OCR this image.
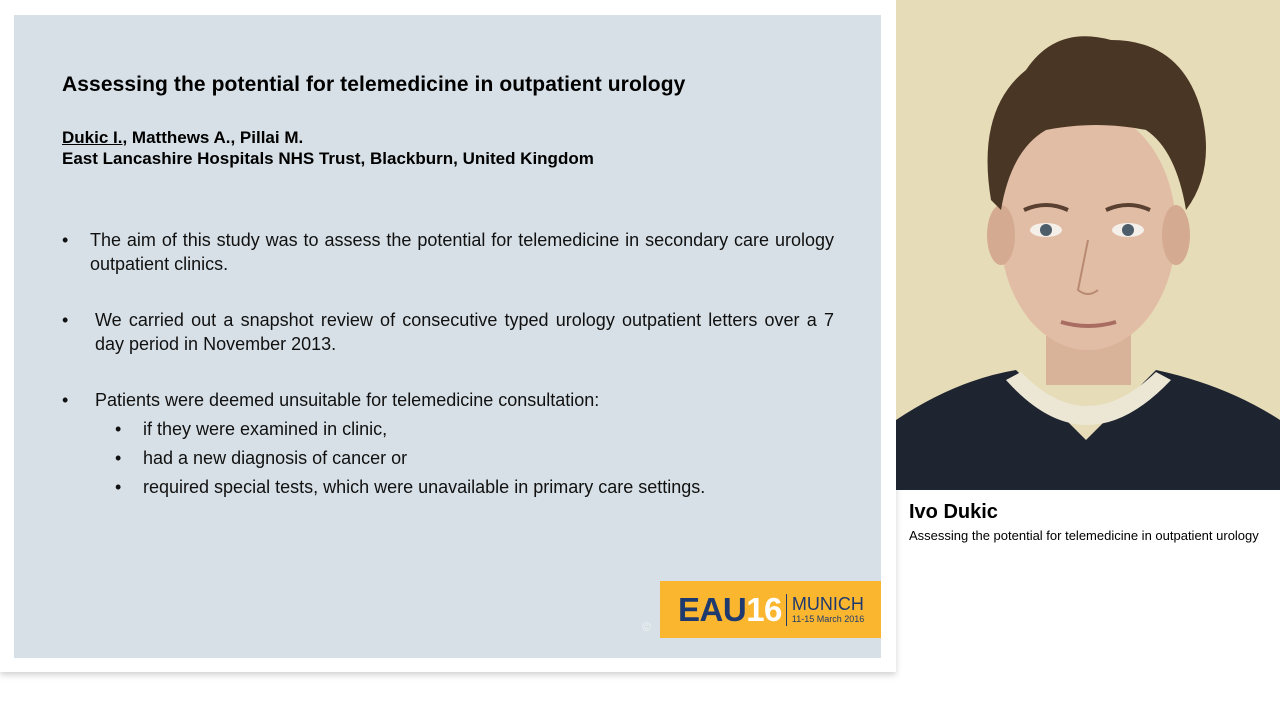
Assessing the potential for telemedicine in outpatient urology
Dukic I., Matthews A., Pillai M.
East Lancashire Hospitals NHS Trust, Blackburn, United Kingdom
• The aim of this study was to assess the potential for telemedicine in secondary care urology outpatient clinics.
• We carried out a snapshot review of consecutive typed urology outpatient letters over a 7 day period in November 2013.
• Patients were deemed unsuitable for telemedicine consultation:
• if they were examined in clinic,
• had a new diagnosis of cancer or
• required special tests, which were unavailable in primary care settings.
© EAU16 MUNICH
11-15 March 2016
Ivo Dukic
Assessing the potential for telemedicine in outpatient urology
